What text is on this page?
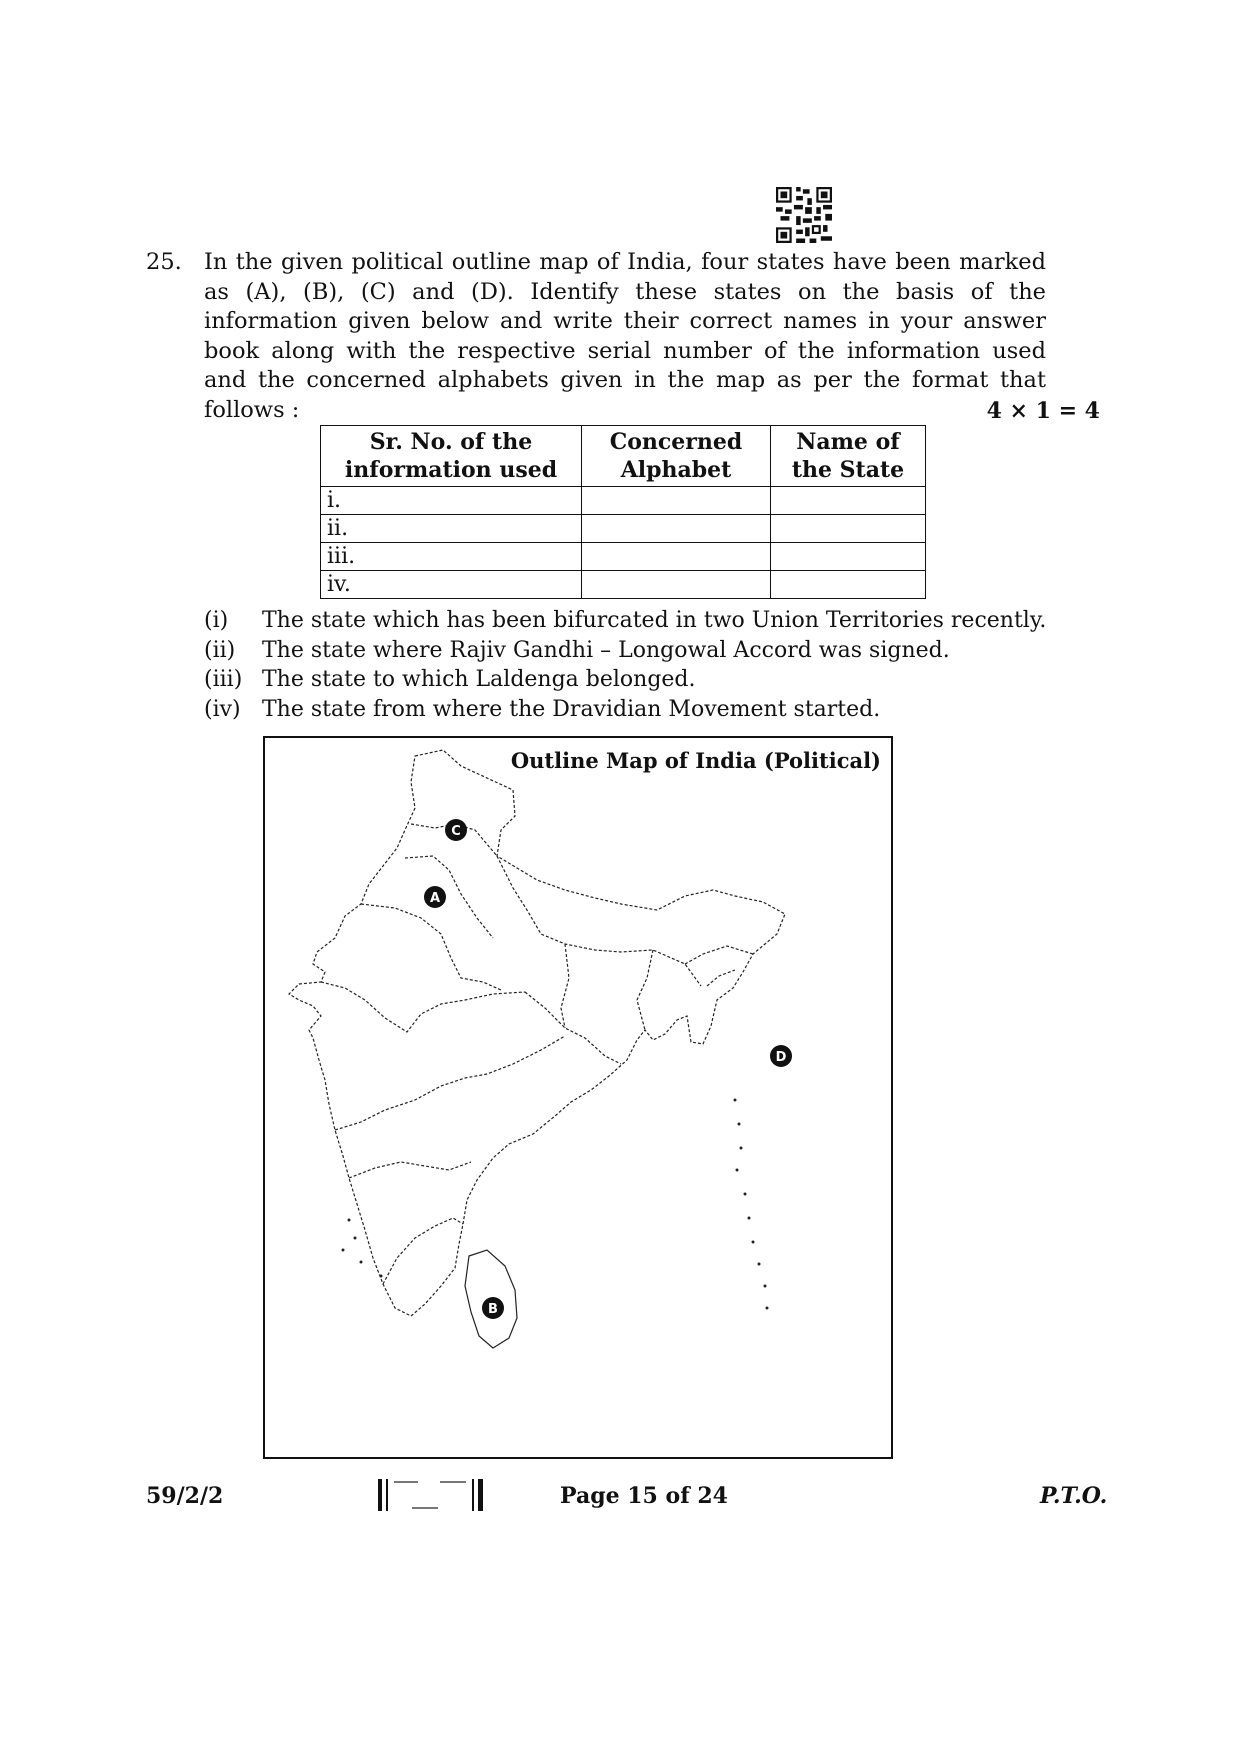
25. In the given political outline map of India, four states have been marked as (A), (B), (C) and (D). Identify these states on the basis of the information given below and write their correct names in your answer book along with the respective serial number of the information used and the concerned alphabets given in the map as per the format that follows :	4 × 1 = 4
Sr. No. of the information used	Concerned Alphabet	Name of the State
i.		
ii.		
iii.		
iv.		
(i) The state which has been bifurcated in two Union Territories recently.
(ii) The state where Rajiv Gandhi – Longowal Accord was signed.
(iii) The state to which Laldenga belonged.
(iv) The state from where the Dravidian Movement started.
A
B
C
D
Outline Map of India (Political)
59/2/2	Page 15 of 24	P.T.O.
